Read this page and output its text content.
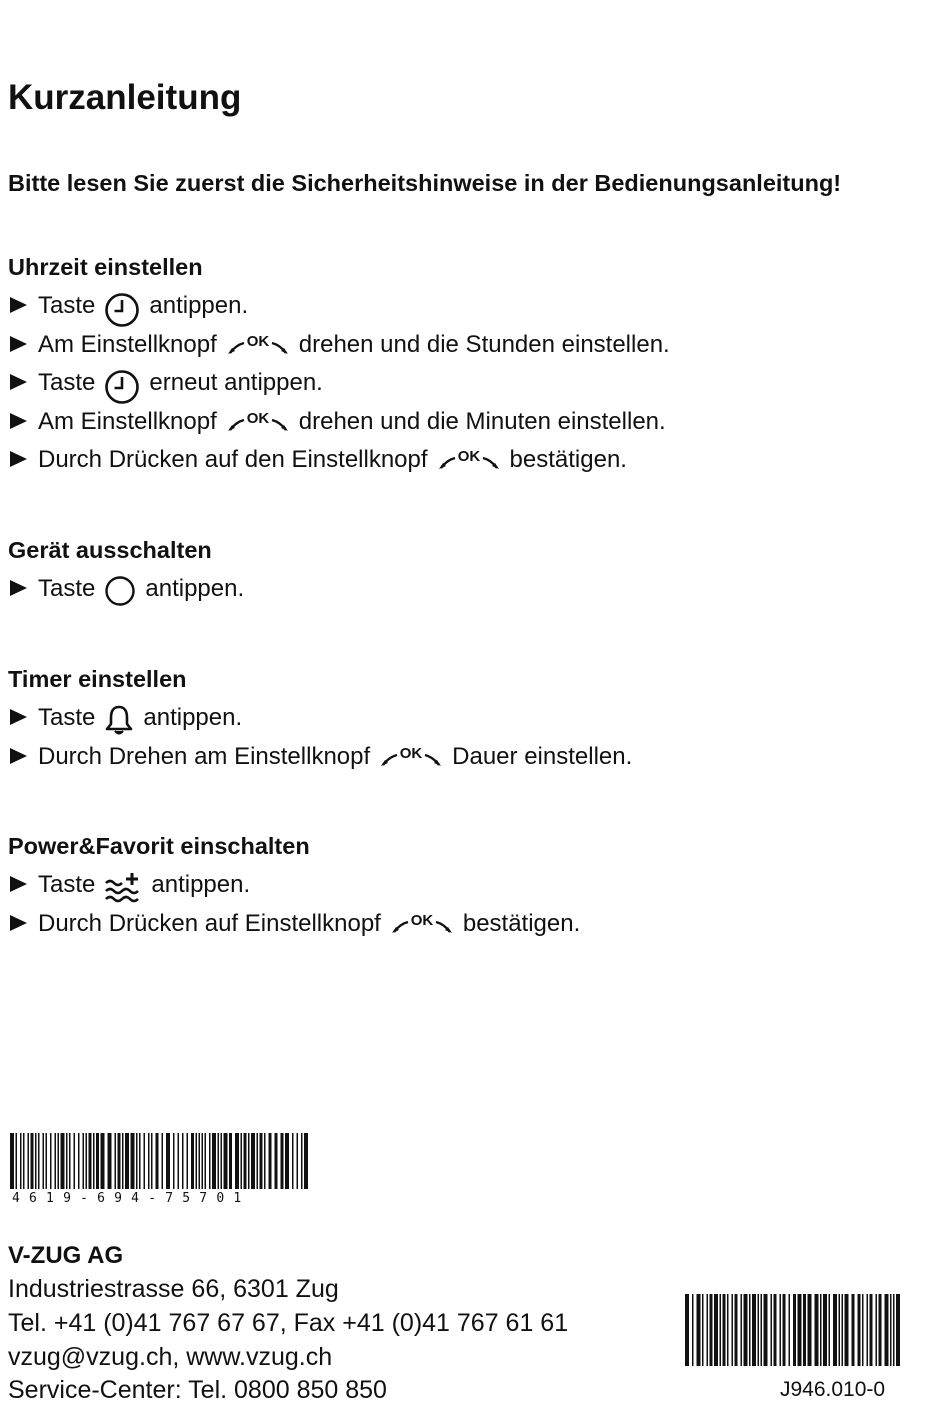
Kurzanleitung

Bitte lesen Sie zuerst die Sicherheitshinweise in der Bedienungsanleitung!

Uhrzeit einstellen
Taste antippen.
Am Einstellknopf OK drehen und die Stunden einstellen.
Taste erneut antippen.
Am Einstellknopf OK drehen und die Minuten einstellen.
Durch Drücken auf den Einstellknopf OK bestätigen.
Gerät ausschalten
Taste antippen.
Timer einstellen
Taste antippen.
Durch Drehen am Einstellknopf OK Dauer einstellen.
Power&Favorit einschalten
Taste antippen.
Durch Drücken auf Einstellknopf OK bestätigen.
4619-694-75701
V-ZUG AG
Industriestrasse 66, 6301 Zug
Tel. +41 (0)41 767 67 67, Fax +41 (0)41 767 61 61
vzug@vzug.ch, www.vzug.ch
Service-Center: Tel. 0800 850 850	J946.010-0
